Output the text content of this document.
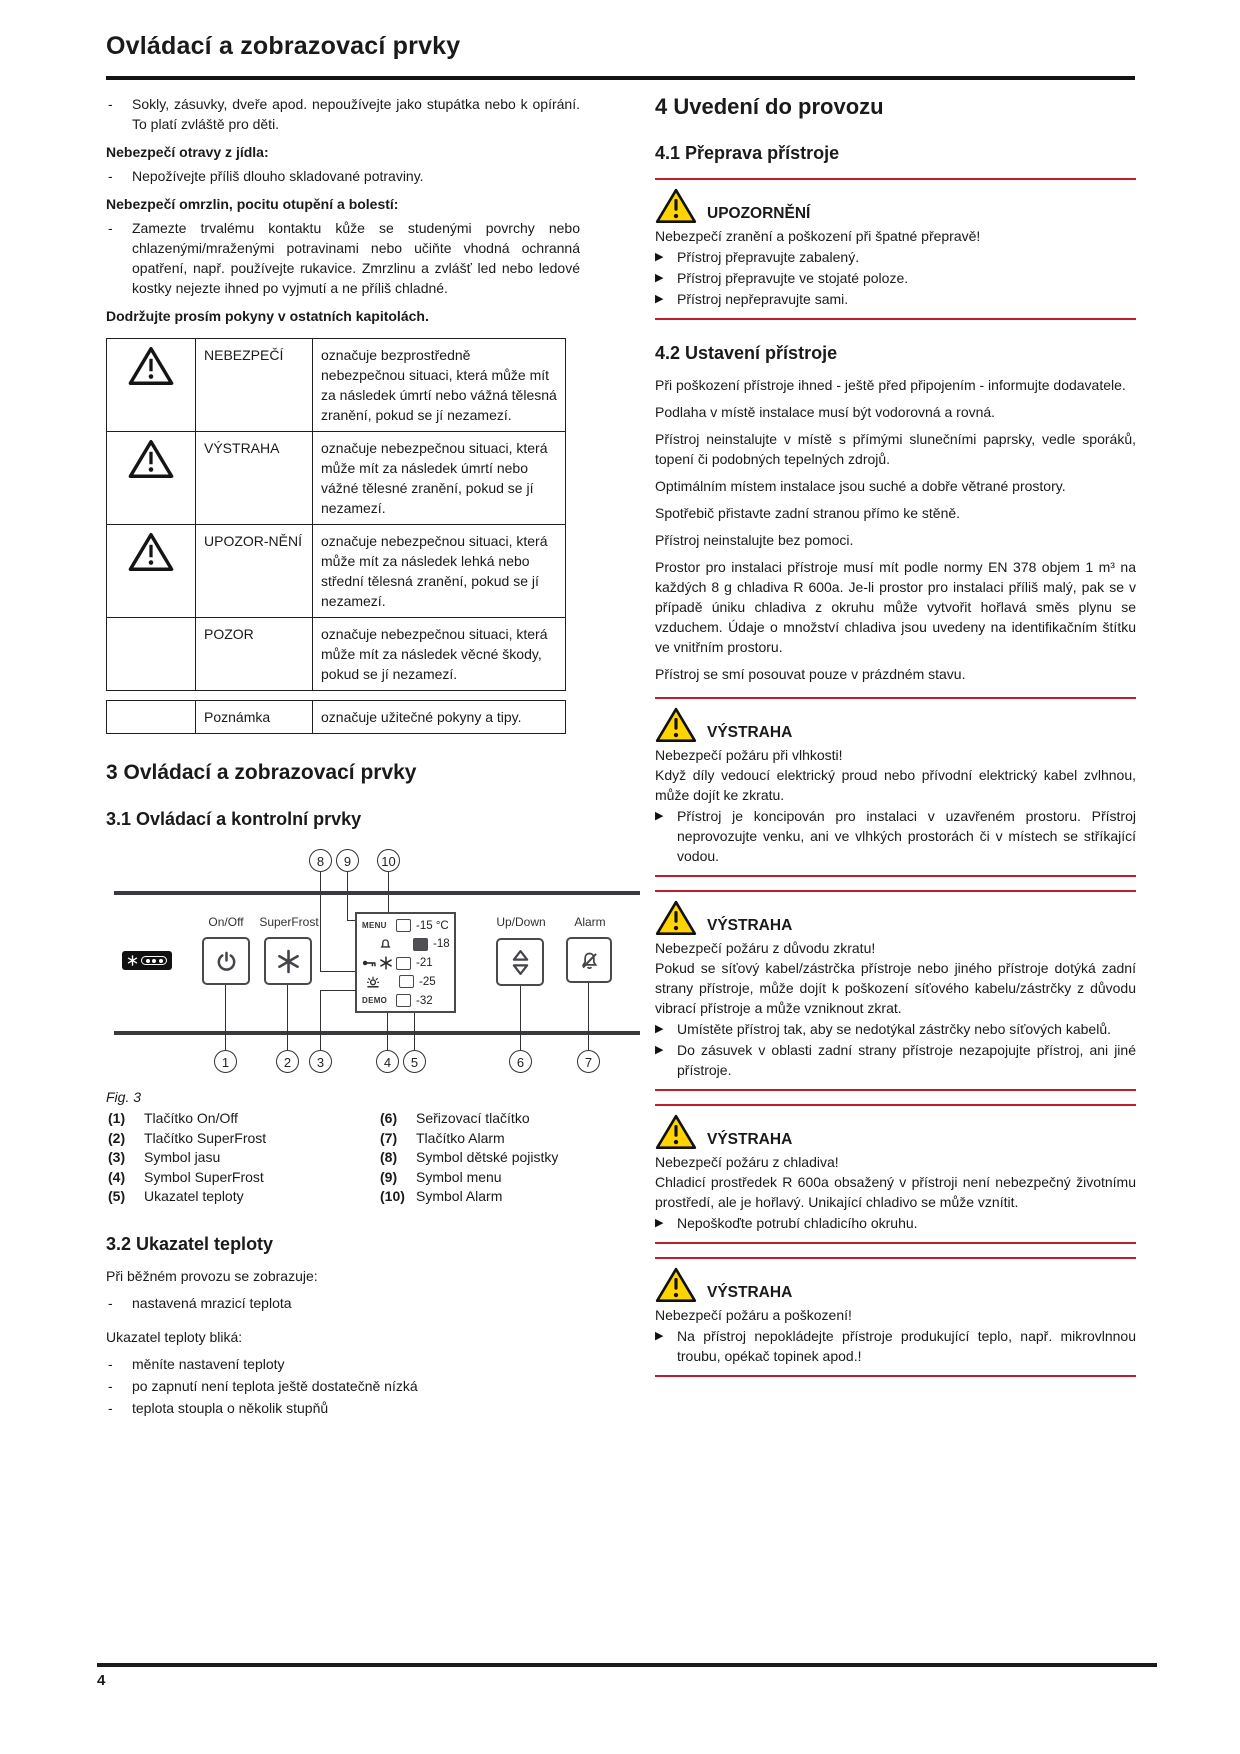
Ovládací a zobrazovací prvky
-	Sokly, zásuvky, dveře apod. nepoužívejte jako stupátka nebo k opírání. To platí zvláště pro děti.
Nebezpečí otravy z jídla:
-	Nepožívejte příliš dlouho skladované potraviny.
Nebezpečí omrzlin, pocitu otupění a bolestí:
-	Zamezte trvalému kontaktu kůže se studenými povrchy nebo chlazenými/mraženými potravinami nebo učiňte vhodná ochranná opatření, např. používejte rukavice. Zmrzlinu a zvlášť led nebo ledové kostky nejezte ihned po vyjmutí a ne příliš chladné.
Dodržujte prosím pokyny v ostatních kapitolách.
	NEBEZPEČÍ	označuje bezprostředně nebezpečnou situaci, která může mít za následek úmrtí nebo vážná tělesná zranění, pokud se jí nezamezí.
	VÝSTRAHA	označuje nebezpečnou situaci, která může mít za následek úmrtí nebo vážné tělesné zranění, pokud se jí nezamezí.
	UPOZOR-NĚNÍ	označuje nebezpečnou situaci, která může mít za následek lehká nebo střední tělesná zranění, pokud se jí nezamezí.
	POZOR	označuje nebezpečnou situaci, která může mít za následek věcné škody, pokud se jí nezamezí.
	Poznámka	označuje užitečné pokyny a tipy.
3 Ovládací a zobrazovací prvky
3.1 Ovládací a kontrolní prvky
8	9	10
On/Off	SuperFrost	Up/Down	Alarm
MENU	-15 °C
-18
-21
-25
DEMO	-32
1	2	3	4	5	6	7
Fig. 3
(1)	Tlačítko On/Off
(2)	Tlačítko SuperFrost
(3)	Symbol jasu
(4)	Symbol SuperFrost
(5)	Ukazatel teploty
(6)	Seřizovací tlačítko
(7)	Tlačítko Alarm
(8)	Symbol dětské pojistky
(9)	Symbol menu
(10) Symbol Alarm
3.2 Ukazatel teploty
Při běžném provozu se zobrazuje:
-	nastavená mrazicí teplota
Ukazatel teploty bliká:
-	měníte nastavení teploty
-	po zapnutí není teplota ještě dostatečně nízká
-	teplota stoupla o několik stupňů
4 Uvedení do provozu
4.1 Přeprava přístroje
UPOZORNĚNÍ
Nebezpečí zranění a poškození při špatné přepravě!
▶ Přístroj přepravujte zabalený.
▶ Přístroj přepravujte ve stojaté poloze.
▶ Přístroj nepřepravujte sami.
4.2 Ustavení přístroje
Při poškození přístroje ihned - ještě před připojením - informujte dodavatele.
Podlaha v místě instalace musí být vodorovná a rovná.
Přístroj neinstalujte v místě s přímými slunečními paprsky, vedle sporáků, topení či podobných tepelných zdrojů.
Optimálním místem instalace jsou suché a dobře větrané prostory.
Spotřebič přistavte zadní stranou přímo ke stěně.
Přístroj neinstalujte bez pomoci.
Prostor pro instalaci přístroje musí mít podle normy EN 378 objem 1 m³ na každých 8 g chladiva R 600a. Je-li prostor pro instalaci příliš malý, pak se v případě úniku chladiva z okruhu může vytvořit hořlavá směs plynu se vzduchem. Údaje o množství chladiva jsou uvedeny na identifikačním štítku ve vnitřním prostoru.
Přístroj se smí posouvat pouze v prázdném stavu.
VÝSTRAHA
Nebezpečí požáru při vlhkosti!
Když díly vedoucí elektrický proud nebo přívodní elektrický kabel zvlhnou, může dojít ke zkratu.
▶ Přístroj je koncipován pro instalaci v uzavřeném prostoru. Přístroj neprovozujte venku, ani ve vlhkých prostorách či v místech se stříkající vodou.
VÝSTRAHA
Nebezpečí požáru z důvodu zkratu!
Pokud se síťový kabel/zástrčka přístroje nebo jiného přístroje dotýká zadní strany přístroje, může dojít k poškození síťového kabelu/zástrčky z důvodu vibrací přístroje a může vzniknout zkrat.
▶ Umístěte přístroj tak, aby se nedotýkal zástrčky nebo síťových kabelů.
▶ Do zásuvek v oblasti zadní strany přístroje nezapojujte přístroj, ani jiné přístroje.
VÝSTRAHA
Nebezpečí požáru z chladiva!
Chladicí prostředek R 600a obsažený v přístroji není nebezpečný životnímu prostředí, ale je hořlavý. Unikající chladivo se může vznítit.
▶ Nepoškoďte potrubí chladicího okruhu.
VÝSTRAHA
Nebezpečí požáru a poškození!
▶ Na přístroj nepokládejte přístroje produkující teplo, např. mikrovlnnou troubu, opékač topinek apod.!
4
